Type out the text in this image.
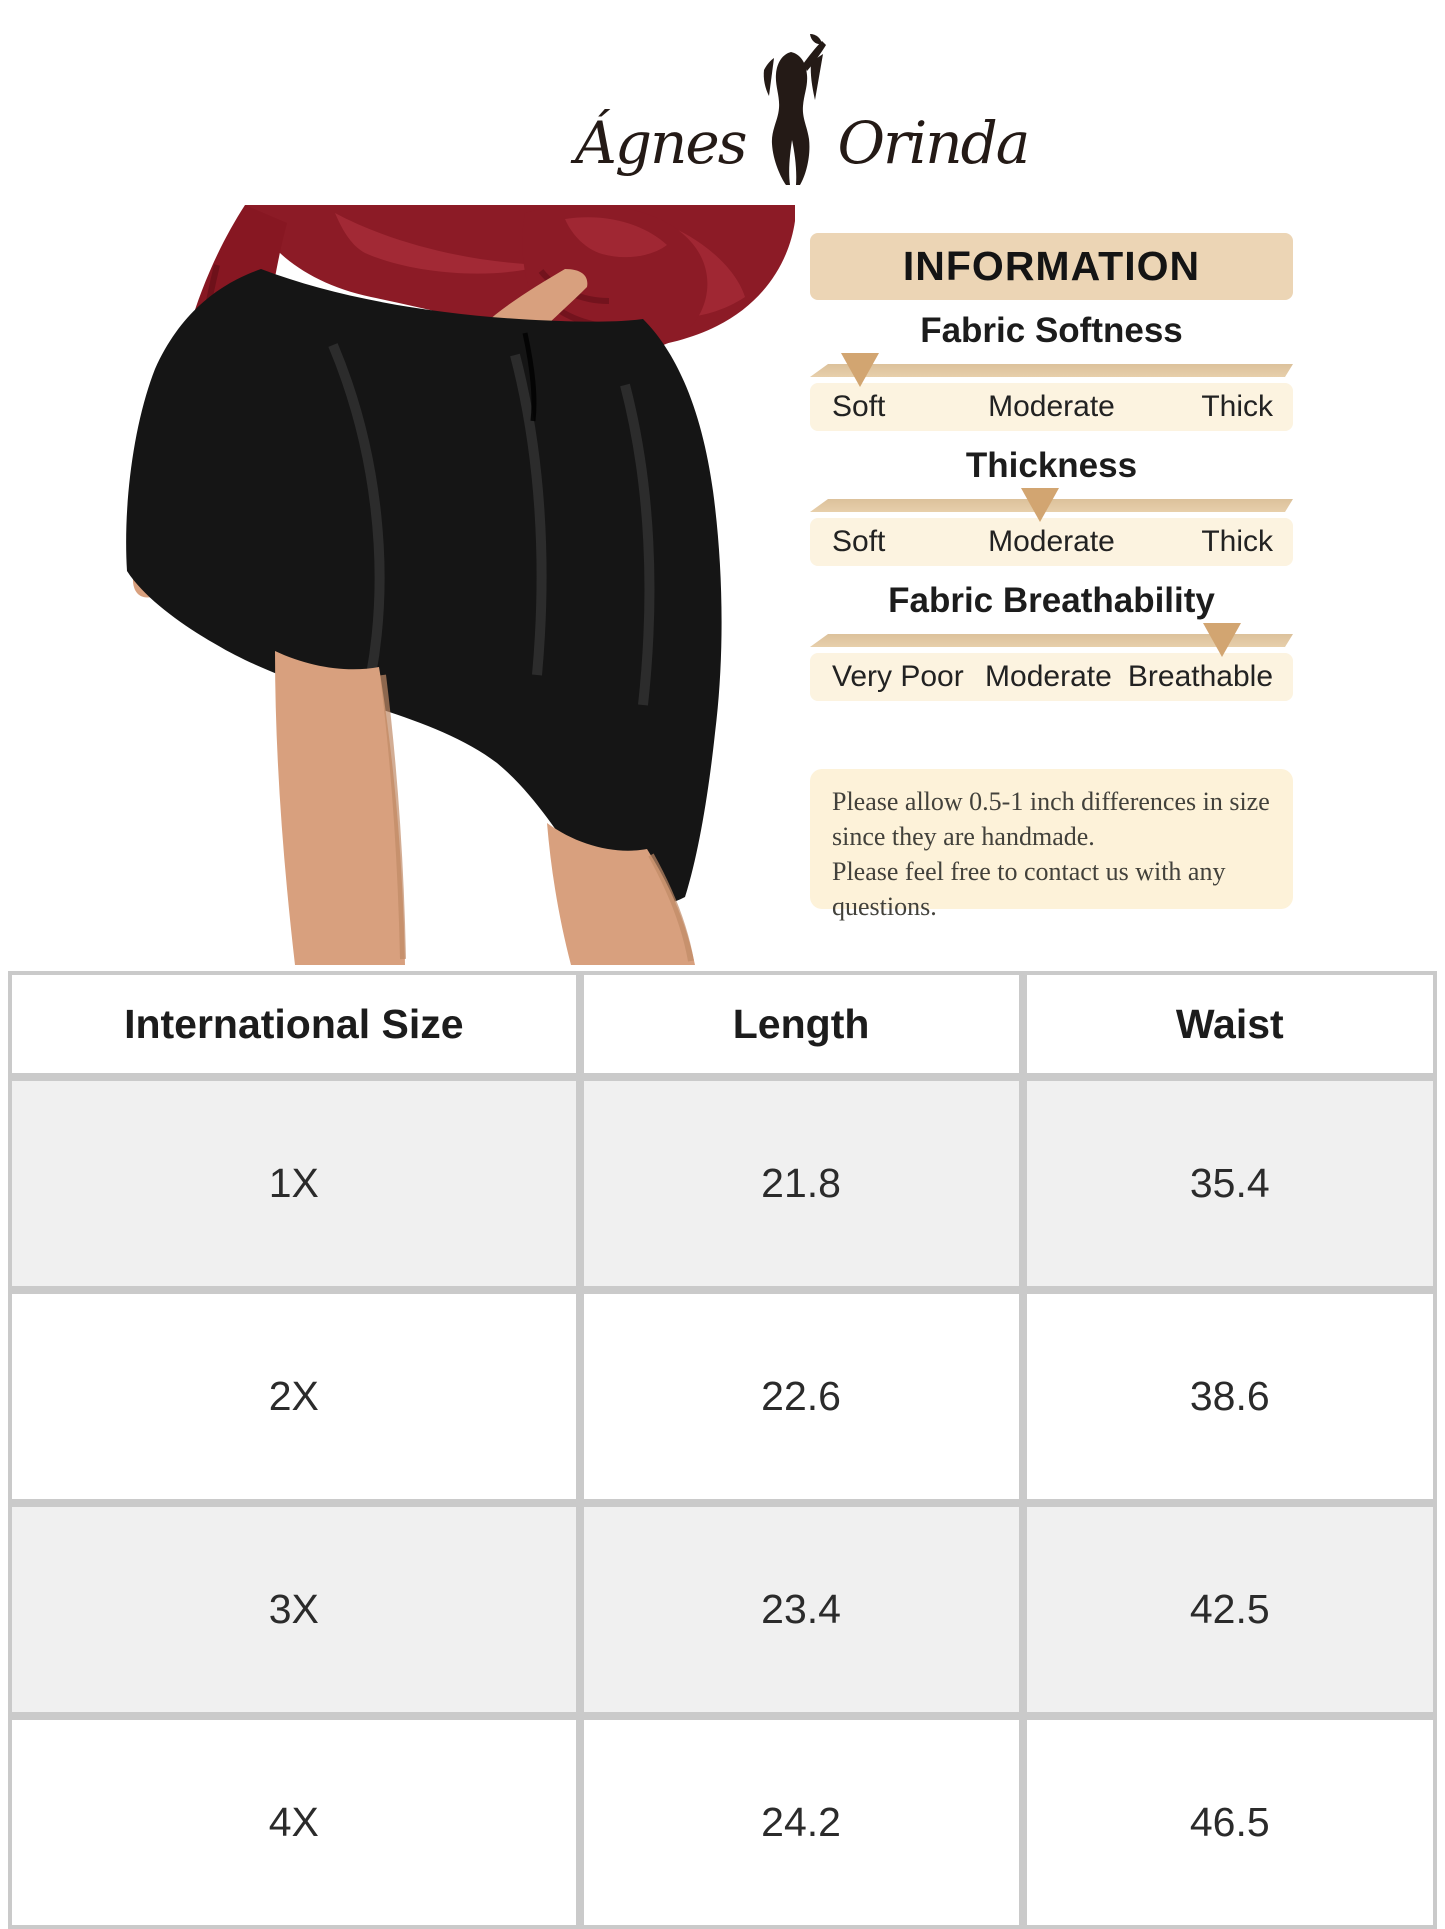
Ágnes Orinda
INFORMATION
Fabric Softness
Soft	Moderate	Thick
Thickness
Soft	Moderate	Thick
Fabric Breathability
Very Poor Moderate Breathable

Please allow 0.5-1 inch differences in size

since they are handmade.

Please feel free to contact us with any questions.

International Size	Length	Waist
1X	21.8	35.4
2X	22.6	38.6
3X	23.4	42.5
4X	24.2	46.5
